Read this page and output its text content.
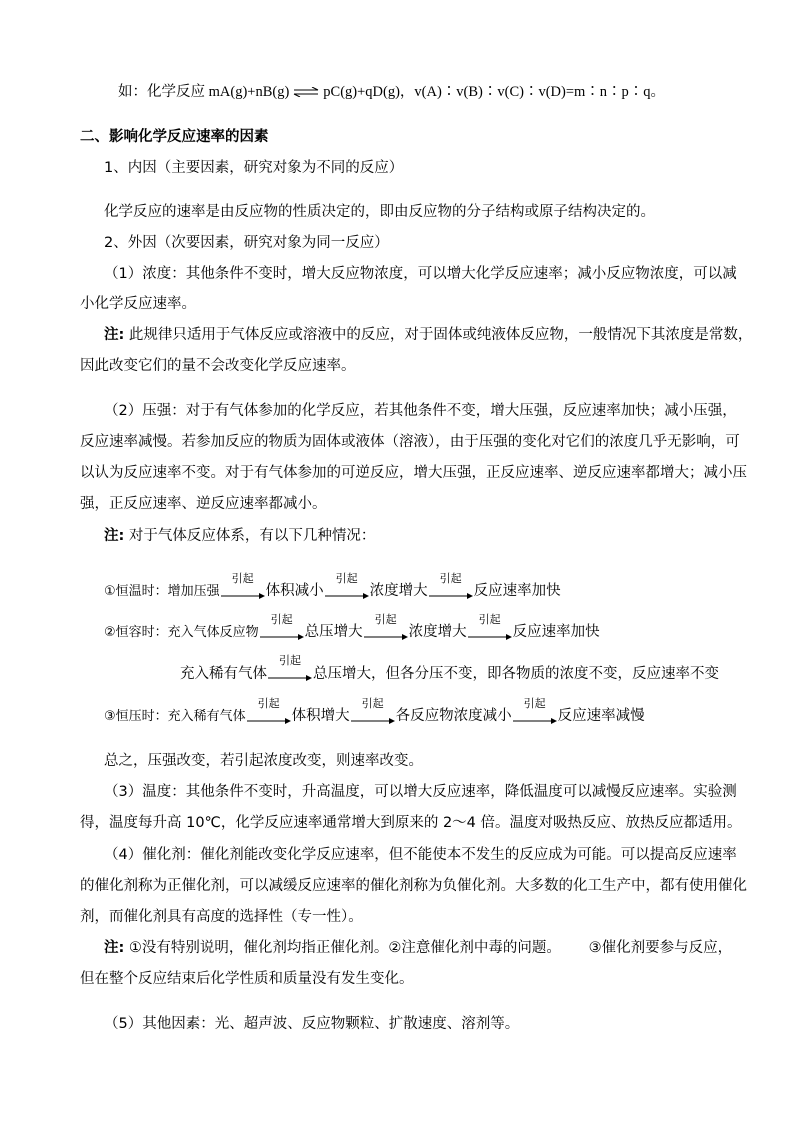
如：化学反应 mA(g)+nB(g) ⇌ pC(g)+qD(g)，v(A)∶v(B)∶v(C)∶v(D)=m∶n∶p∶q。
二、影响化学反应速率的因素
1、内因（主要因素，研究对象为不同的反应）
化学反应的速率是由反应物的性质决定的，即由反应物的分子结构或原子结构决定的。
2、外因（次要因素，研究对象为同一反应）
（1）浓度：其他条件不变时，增大反应物浓度，可以增大化学反应速率；减小反应物浓度，可以减
小化学反应速率。
注: 此规律只适用于气体反应或溶液中的反应，对于固体或纯液体反应物，一般情况下其浓度是常数，
因此改变它们的量不会改变化学反应速率。
（2）压强：对于有气体参加的化学反应，若其他条件不变，增大压强，反应速率加快；减小压强，
反应速率减慢。若参加反应的物质为固体或液体（溶液），由于压强的变化对它们的浓度几乎无影响，可
以认为反应速率不变。对于有气体参加的可逆反应，增大压强，正反应速率、逆反应速率都增大；减小压
强，正反应速率、逆反应速率都减小。
注: 对于气体反应体系，有以下几种情况：
①恒温时：增加压强
引起
体积减小
引起
浓度增大
引起
反应速率加快
②恒容时：充入气体反应物
引起
总压增大
引起
浓度增大
引起
反应速率加快
充入稀有气体
引起
总压增大，但各分压不变，即各物质的浓度不变，反应速率不变
③恒压时：充入稀有气体
引起
体积增大
引起
各反应物浓度减小
引起
反应速率减慢
总之，压强改变，若引起浓度改变，则速率改变。
（3）温度：其他条件不变时，升高温度，可以增大反应速率，降低温度可以减慢反应速率。实验测
得，温度每升高 10℃，化学反应速率通常增大到原来的 2～4 倍。温度对吸热反应、放热反应都适用。
（4）催化剂：催化剂能改变化学反应速率，但不能使本不发生的反应成为可能。可以提高反应速率
的催化剂称为正催化剂，可以减缓反应速率的催化剂称为负催化剂。大多数的化工生产中，都有使用催化
剂，而催化剂具有高度的选择性（专一性）。
注: ①没有特别说明，催化剂均指正催化剂。②注意催化剂中毒的问题。      ③催化剂要参与反应，
但在整个反应结束后化学性质和质量没有发生变化。
（5）其他因素：光、超声波、反应物颗粒、扩散速度、溶剂等。
